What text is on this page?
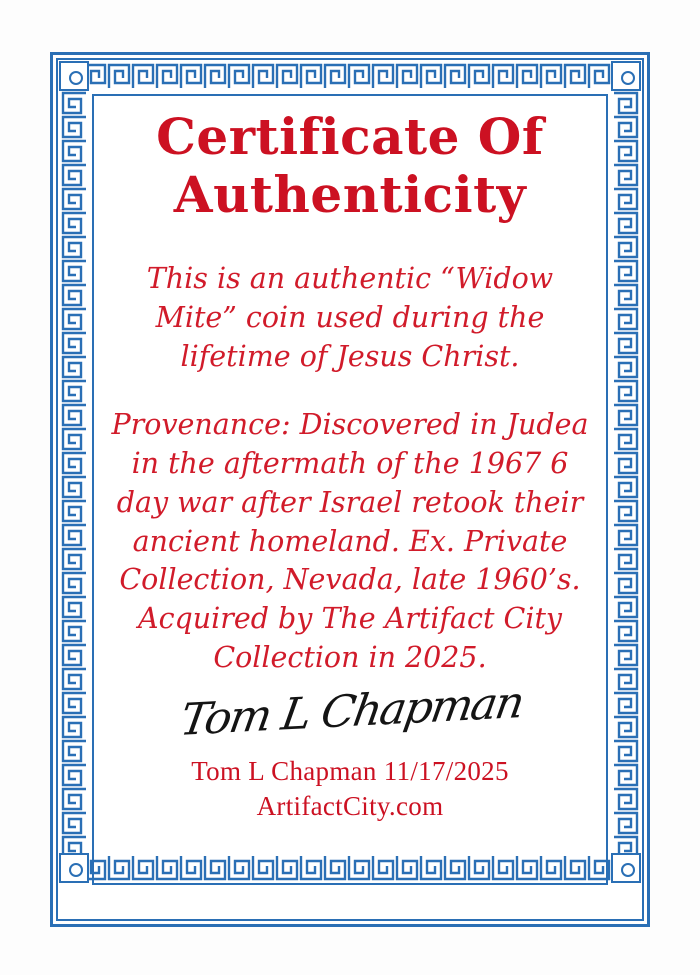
Certificate Of
Authenticity
This is an authentic “Widow Mite” coin used during the lifetime of Jesus Christ.
Provenance: Discovered in Judea in the aftermath of the 1967 6 day war after Israel retook their ancient homeland. Ex. Private Collection, Nevada, late 1960’s. Acquired by The Artifact City Collection in 2025.
Tom L Chapman
Tom L Chapman 11/17/2025
ArtifactCity.com
